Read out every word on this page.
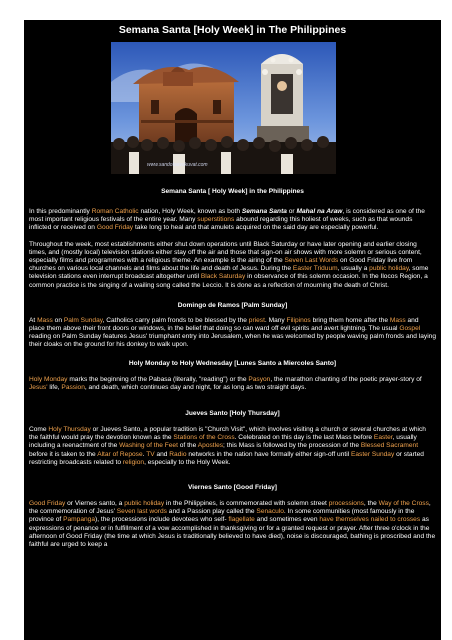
Semana Santa [Holy Week] in The Philippines
www.sandotaavakuvat.com
Semana Santa [ Holy Week] in the Philippines

In this predominantly Roman Catholic nation, Holy Week, known as both Semana Santa or Mahal na Araw, is considered as one of the most important religious festivals of the entire year. Many superstitions abound regarding this holiest of weeks, such as that wounds inflicted or received on Good Friday take long to heal and that amulets acquired on the said day are especially powerful.

Throughout the week, most establishments either shut down operations until Black Saturday or have later opening and earlier closing times, and (mostly local) television stations either stay off the air and those that sign-on air shows with more solemn or serious content, especially films and programmes with a religious theme. An example is the airing of the Seven Last Words on Good Friday live from churches on various local channels and films about the life and death of Jesus. During the Easter Triduum, usually a public holiday, some television stations even interrupt broadcast altogether until Black Saturday in observance of this solemn occasion. In the Ilocos Region, a common practice is the singing of a wailing song called the Leccio. It is done as a reflection of mourning the death of Christ.

Domingo de Ramos [Palm Sunday]

At Mass on Palm Sunday, Catholics carry palm fronds to be blessed by the priest. Many Filipinos bring them home after the Mass and place them above their front doors or windows, in the belief that doing so can ward off evil spirits and avert lightning. The usual Gospel reading on Palm Sunday features Jesus' triumphant entry into Jerusalem, when he was welcomed by people waving palm fronds and laying their cloaks on the ground for his donkey to walk upon.

Holy Monday to Holy Wednesday [Lunes Santo a Miercoles Santo]

Holy Monday marks the beginning of the Pabasa (literally, "reading") or the Pasyon, the marathon chanting of the poetic prayer-story of Jesus' life, Passion, and death, which continues day and night, for as long as two straight days.

Jueves Santo [Holy Thursday]

Come Holy Thursday or Jueves Santo, a popular tradition is "Church Visit", which involves visiting a church or several churches at which the faithful would pray the devotion known as the Stations of the Cross. Celebrated on this day is the last Mass before Easter, usually including a reenactment of the Washing of the Feet of the Apostles; this Mass is followed by the procession of the Blessed Sacrament before it is taken to the Altar of Repose. TV and Radio networks in the nation have formally either sign-off until Easter Sunday or started restricting broadcasts related to religion, especially to the Holy Week.

Viernes Santo [Good Friday]

Good Friday or Viernes santo, a public holiday in the Philippines, is commemorated with solemn street processions, the Way of the Cross, the commemoration of Jesus' Seven last words and a Passion play called the Senaculo. In some communities (most famously in the province of Pampanga), the processions include devotees who self- flagellate and sometimes even have themselves nailed to crosses as expressions of penance or in fulfillment of a vow accomplished in thanksgiving or for a granted request or prayer. After three o'clock in the afternoon of Good Friday (the time at which Jesus is traditionally believed to have died), noise is discouraged, bathing is proscribed and the faithful are urged to keep a
